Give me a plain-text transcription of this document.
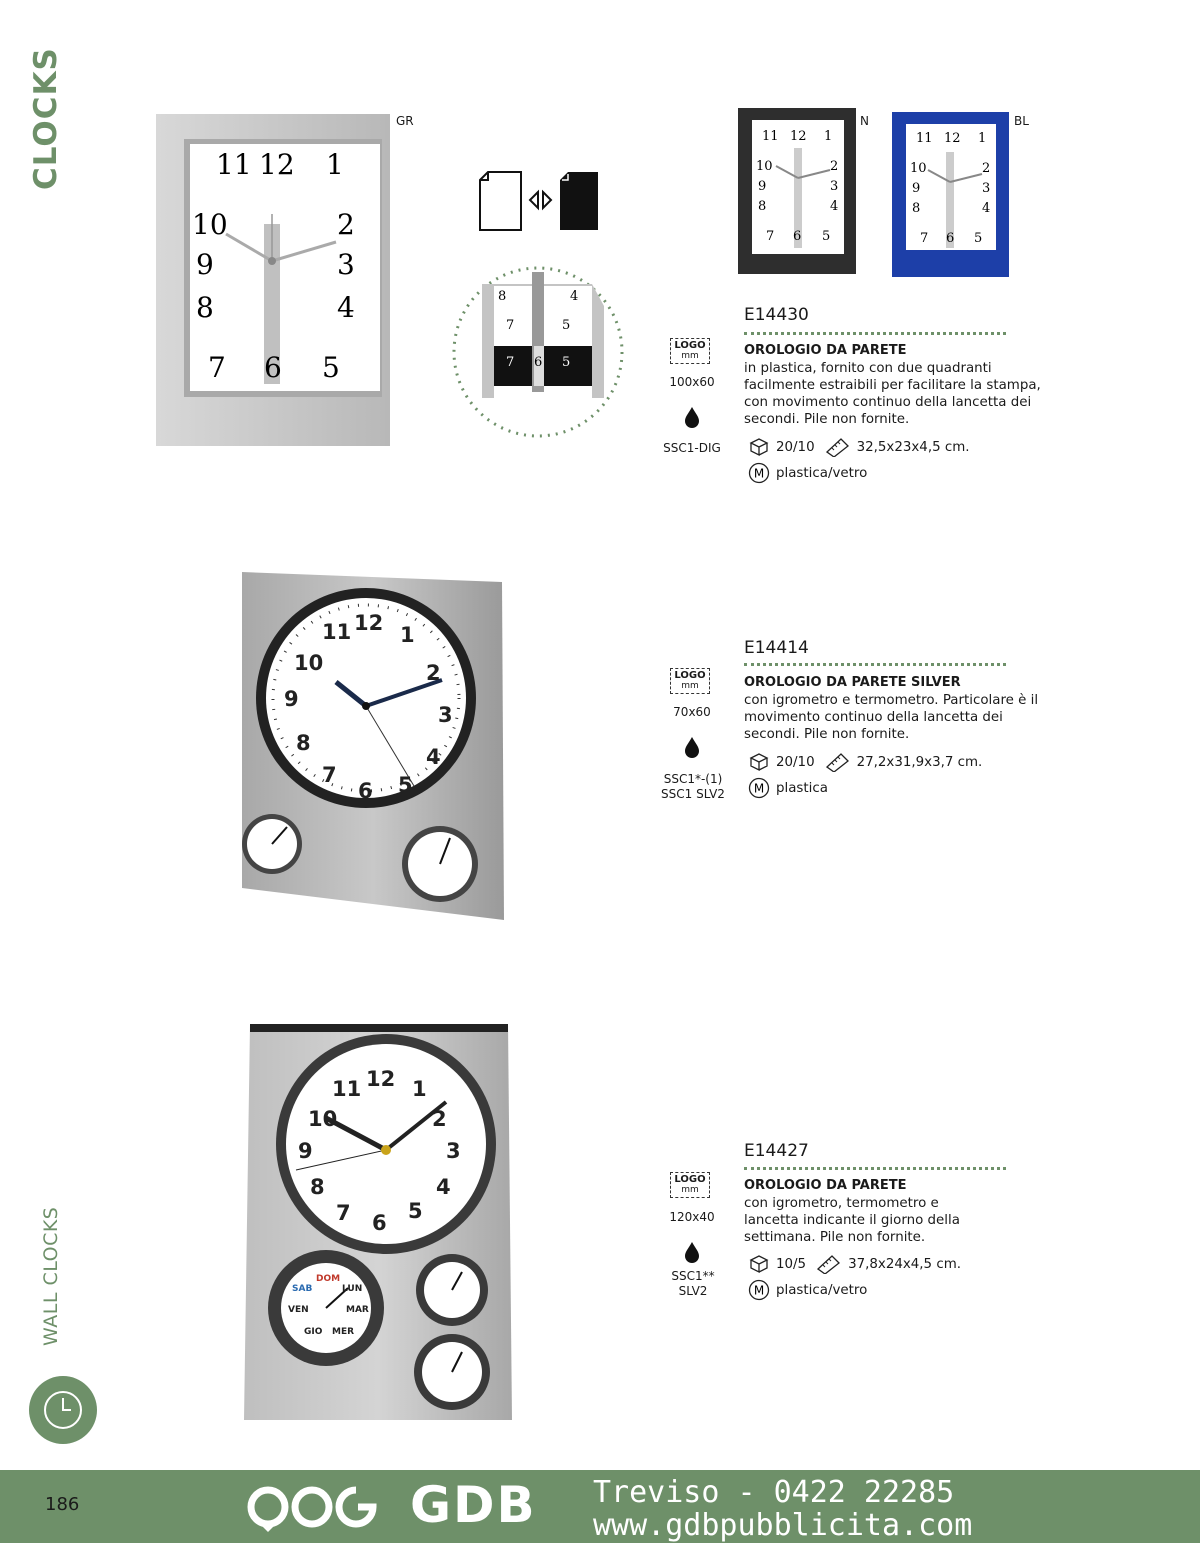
CLOCKS
WALL CLOCKS
11 12 1
10	2
9	3
8	4
7 6 5
GR
8	4
7	5
7 6 5
11 12 1
10	2
9	3
8	4
7 6 5
N
11 12 1
10	2
9	3
8	4
7 6 5
BL
LOGO
mm
100x60
SSC1-DIG
E14430
OROLOGIO DA PARETE
in plastica, fornito con due quadranti facilmente estraibili per facilitare la stampa, con movimento continuo della lancetta dei secondi. Pile non fornite.
20/10	32,5x23x4,5 cm.
M plastica/vetro
11 12 1
10	2
9
3
8
4
7
6 5
LOGO
mm
70x60
SSC1*-(1) SSC1 SLV2
E14414
OROLOGIO DA PARETE SILVER
con igrometro e termometro. Particolare è il movimento continuo della lancetta dei secondi. Pile non fornite.
20/10	27,2x31,9x3,7 cm.
M plastica
11 12 1
10	2
9	3
8	4
7 6 5
DOM
SAB	LUN
VEN	MAR
GIO MER
LOGO
mm
120x40
SSC1** SLV2
E14427
OROLOGIO DA PARETE
con igrometro, termometro e lancetta indicante il giorno della settimana. Pile non fornite.
10/5	37,8x24x4,5 cm.
M plastica/vetro
186	GDB Treviso - 0422 22285
www.gdbpubblicita.com
